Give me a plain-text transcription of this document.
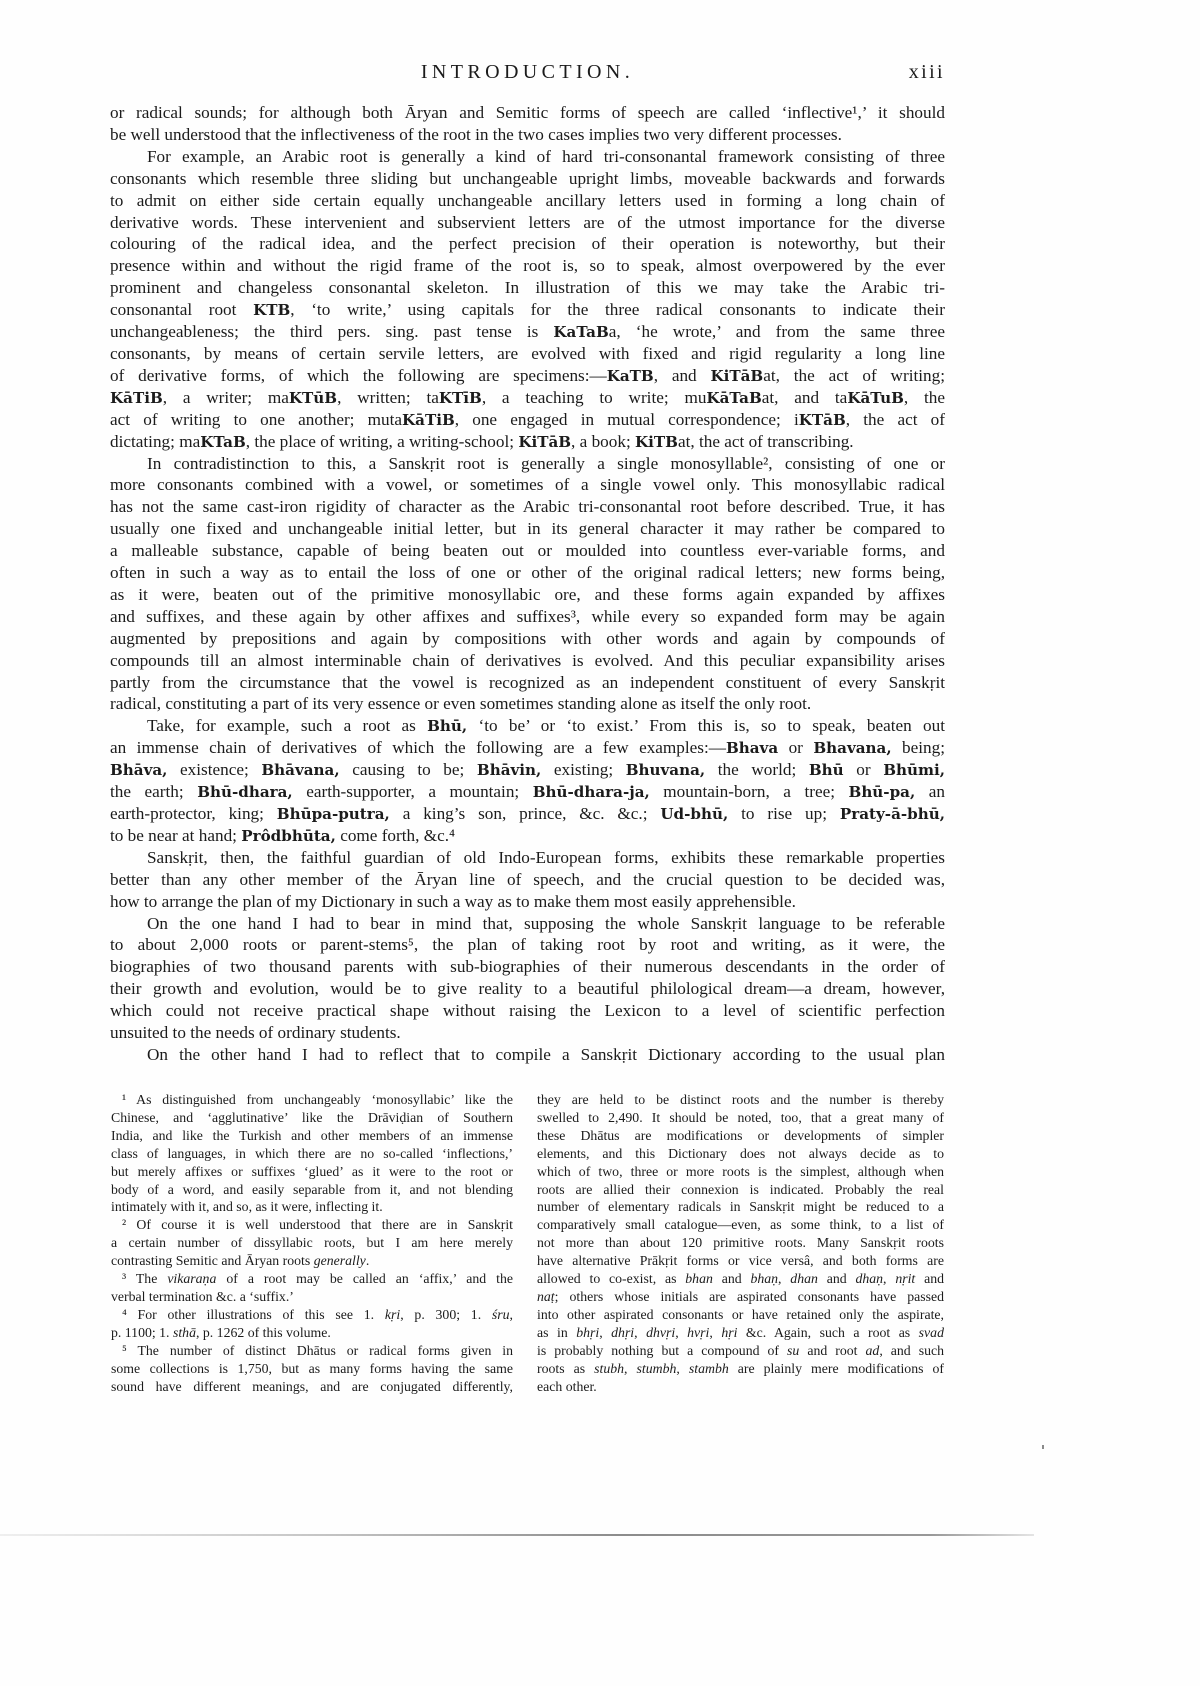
INTRODUCTION.	xiii
or radical sounds; for although both Āryan and Semitic forms of speech are called ‘inflective¹,’ it should
be well understood that the inflectiveness of the root in the two cases implies two very different processes.
For example, an Arabic root is generally a kind of hard tri-consonantal framework consisting of three
consonants which resemble three sliding but unchangeable upright limbs, moveable backwards and forwards
to admit on either side certain equally unchangeable ancillary letters used in forming a long chain of
derivative words. These intervenient and subservient letters are of the utmost importance for the diverse
colouring of the radical idea, and the perfect precision of their operation is noteworthy, but their
presence within and without the rigid frame of the root is, so to speak, almost overpowered by the ever
prominent and changeless consonantal skeleton. In illustration of this we may take the Arabic tri-
consonantal root KTB, ‘to write,’ using capitals for the three radical consonants to indicate their
unchangeableness; the third pers. sing. past tense is KaTaBa, ‘he wrote,’ and from the same three
consonants, by means of certain servile letters, are evolved with fixed and rigid regularity a long line
of derivative forms, of which the following are specimens:—KaTB, and KiTāBat, the act of writing;
KāTiB, a writer; maKTūB, written; taKTīB, a teaching to write; muKāTaBat, and taKāTuB, the
act of writing to one another; mutaKāTiB, one engaged in mutual correspondence; iKTāB, the act of
dictating; maKTaB, the place of writing, a writing-school; KiTāB, a book; KiTBat, the act of transcribing.
In contradistinction to this, a Sanskṛit root is generally a single monosyllable², consisting of one or
more consonants combined with a vowel, or sometimes of a single vowel only. This monosyllabic radical
has not the same cast-iron rigidity of character as the Arabic tri-consonantal root before described. True, it has
usually one fixed and unchangeable initial letter, but in its general character it may rather be compared to
a malleable substance, capable of being beaten out or moulded into countless ever-variable forms, and
often in such a way as to entail the loss of one or other of the original radical letters; new forms being,
as it were, beaten out of the primitive monosyllabic ore, and these forms again expanded by affixes
and suffixes, and these again by other affixes and suffixes³, while every so expanded form may be again
augmented by prepositions and again by compositions with other words and again by compounds of
compounds till an almost interminable chain of derivatives is evolved. And this peculiar expansibility arises
partly from the circumstance that the vowel is recognized as an independent constituent of every Sanskṛit
radical, constituting a part of its very essence or even sometimes standing alone as itself the only root.
Take, for example, such a root as Bhū, ‘to be’ or ‘to exist.’ From this is, so to speak, beaten out
an immense chain of derivatives of which the following are a few examples:—Bhava or Bhavana, being;
Bhāva, existence; Bhāvana, causing to be; Bhāvin, existing; Bhuvana, the world; Bhū or Bhūmi,
the earth; Bhū-dhara, earth-supporter, a mountain; Bhū-dhara-ja, mountain-born, a tree; Bhū-pa, an
earth-protector, king; Bhūpa-putra, a king’s son, prince, &c. &c.; Ud-bhū, to rise up; Praty-ā-bhū,
to be near at hand; Prôdbhūta, come forth, &c.⁴
Sanskṛit, then, the faithful guardian of old Indo-European forms, exhibits these remarkable properties
better than any other member of the Āryan line of speech, and the crucial question to be decided was,
how to arrange the plan of my Dictionary in such a way as to make them most easily apprehensible.
On the one hand I had to bear in mind that, supposing the whole Sanskṛit language to be referable
to about 2,000 roots or parent-stems⁵, the plan of taking root by root and writing, as it were, the
biographies of two thousand parents with sub-biographies of their numerous descendants in the order of
their growth and evolution, would be to give reality to a beautiful philological dream—a dream, however,
which could not receive practical shape without raising the Lexicon to a level of scientific perfection
unsuited to the needs of ordinary students.
On the other hand I had to reflect that to compile a Sanskṛit Dictionary according to the usual plan
¹ As distinguished from unchangeably ‘monosyllabic’ like the
Chinese, and ‘agglutinative’ like the Drāviḍian of Southern
India, and like the Turkish and other members of an immense
class of languages, in which there are no so-called ‘inflections,’
but merely affixes or suffixes ‘glued’ as it were to the root or
body of a word, and easily separable from it, and not blending
intimately with it, and so, as it were, inflecting it.
² Of course it is well understood that there are in Sanskṛit
a certain number of dissyllabic roots, but I am here merely
contrasting Semitic and Āryan roots generally.
³ The vikaraṇa of a root may be called an ‘affix,’ and the
verbal termination &c. a ‘suffix.’
⁴ For other illustrations of this see 1. kṛi, p. 300; 1. śru,
p. 1100; 1. sthā, p. 1262 of this volume.
⁵ The number of distinct Dhātus or radical forms given in
some collections is 1,750, but as many forms having the same
sound have different meanings, and are conjugated differently,
they are held to be distinct roots and the number is thereby
swelled to 2,490. It should be noted, too, that a great many of
these Dhātus are modifications or developments of simpler
elements, and this Dictionary does not always decide as to
which of two, three or more roots is the simplest, although when
roots are allied their connexion is indicated. Probably the real
number of elementary radicals in Sanskṛit might be reduced to a
comparatively small catalogue—even, as some think, to a list of
not more than about 120 primitive roots. Many Sanskṛit roots
have alternative Prākṛit forms or vice versâ, and both forms are
allowed to co-exist, as bhan and bhaṇ, dhan and dhaṇ, nṛit and
naṭ; others whose initials are aspirated consonants have passed
into other aspirated consonants or have retained only the aspirate,
as in bhṛi, dhṛi, dhvṛi, hvṛi, hṛi &c. Again, such a root as svad
is probably nothing but a compound of su and root ad, and such
roots as stubh, stumbh, stambh are plainly mere modifications of
each other.
